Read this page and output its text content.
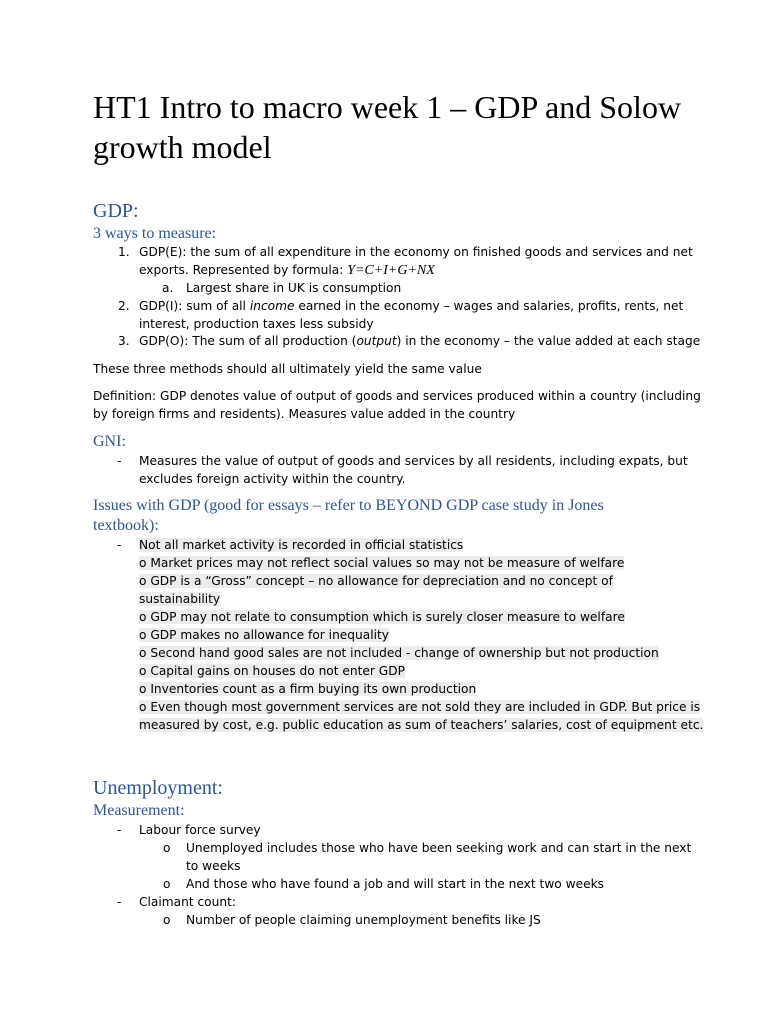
HT1 Intro to macro week 1 – GDP and Solow growth model
GDP:
3 ways to measure:
1. GDP(E): the sum of all expenditure in the economy on finished goods and services and net
exports. Represented by formula: Y=C+I+G+NX
a. Largest share in UK is consumption
2. GDP(I): sum of all income earned in the economy – wages and salaries, profits, rents, net
interest, production taxes less subsidy
3. GDP(O): The sum of all production (output) in the economy – the value added at each stage
These three methods should all ultimately yield the same value
Definition: GDP denotes value of output of goods and services produced within a country (including
by foreign firms and residents). Measures value added in the country
GNI:
- Measures the value of output of goods and services by all residents, including expats, but
excludes foreign activity within the country.
Issues with GDP (good for essays – refer to BEYOND GDP case study in Jones textbook):
- Not all market activity is recorded in official statistics
o Market prices may not reflect social values so may not be measure of welfare
o GDP is a “Gross” concept – no allowance for depreciation and no concept of
sustainability
o GDP may not relate to consumption which is surely closer measure to welfare
o GDP makes no allowance for inequality
o Second hand good sales are not included - change of ownership but not production
o Capital gains on houses do not enter GDP
o Inventories count as a firm buying its own production
o Even though most government services are not sold they are included in GDP. But price is
measured by cost, e.g. public education as sum of teachers’ salaries, cost of equipment etc.
Unemployment:
Measurement:
- Labour force survey
o Unemployed includes those who have been seeking work and can start in the next
to weeks
o And those who have found a job and will start in the next two weeks
- Claimant count:
o Number of people claiming unemployment benefits like JS
